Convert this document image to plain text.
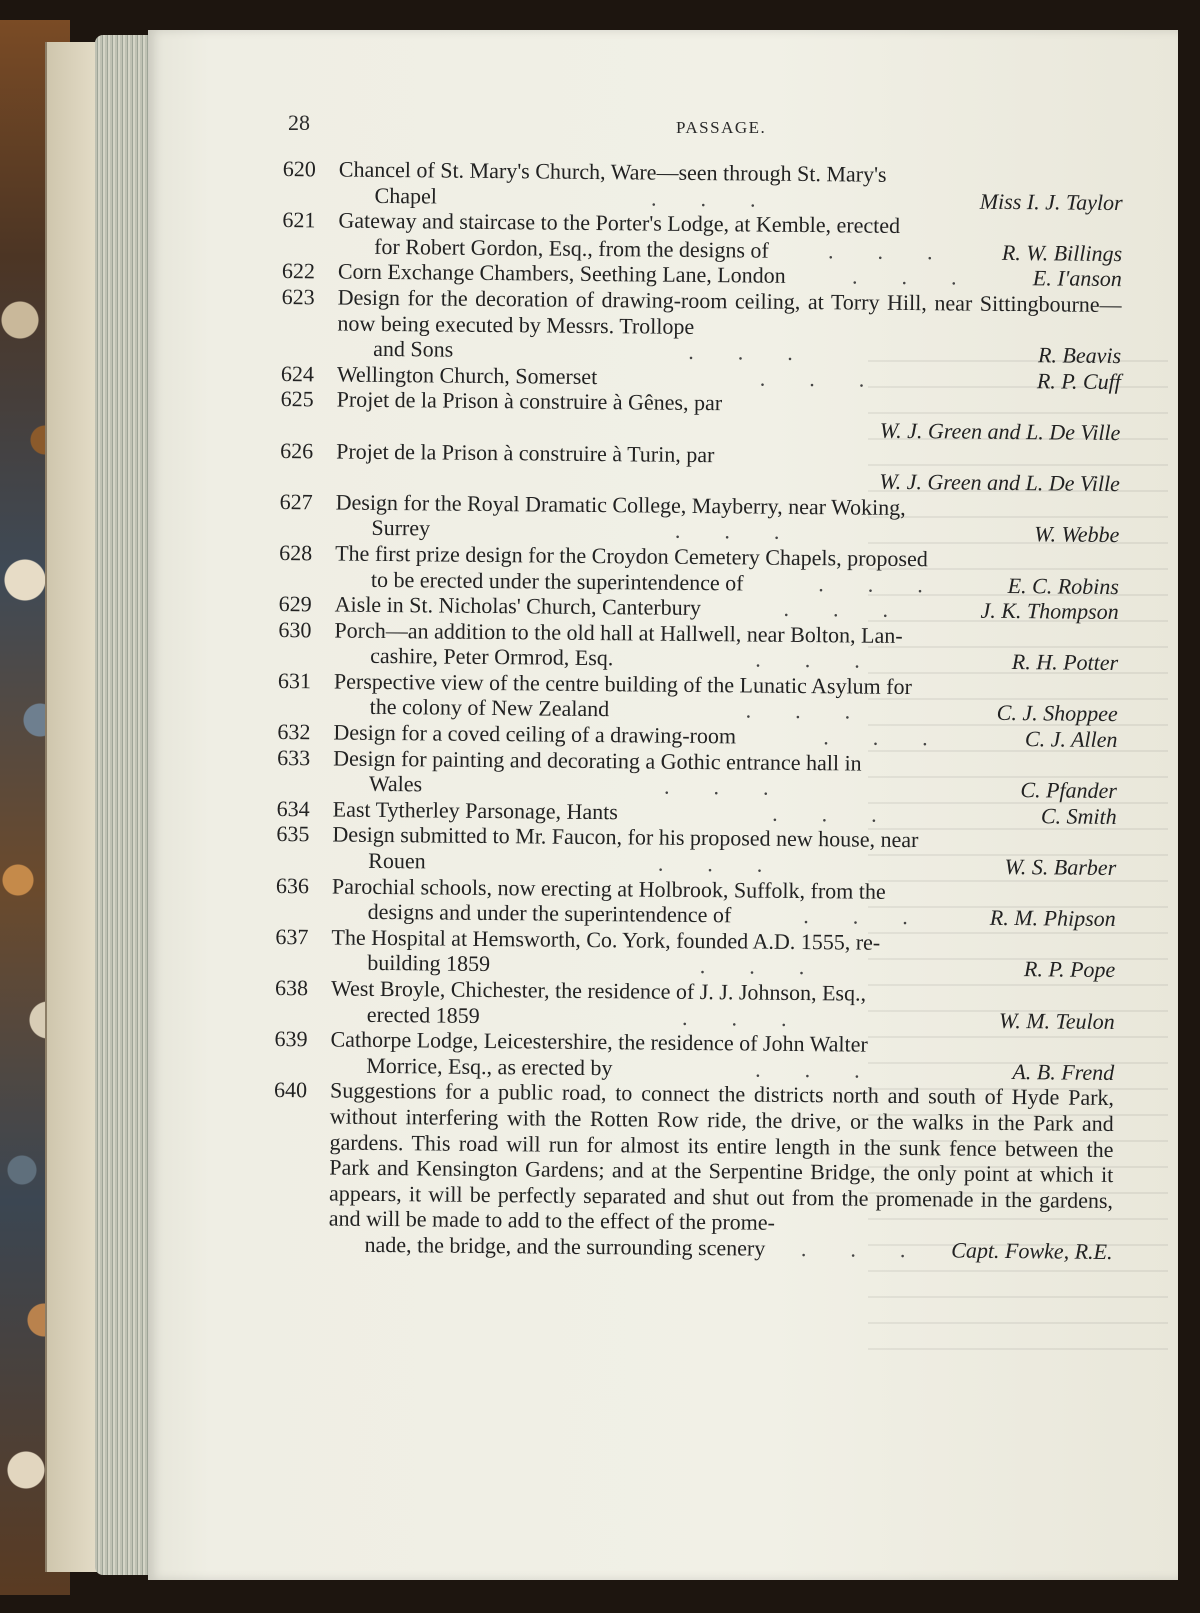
28	PASSAGE.
620	Chancel of St. Mary's Church, Ware—seen through St. Mary's
Chapel	.  .  .	Miss I. J. Taylor
621	Gateway and staircase to the Porter's Lodge, at Kemble, erected
for Robert Gordon, Esq., from the designs of	.  .  .	R. W. Billings
622	Corn Exchange Chambers, Seething Lane, London	.  .  .	E. I'anson
623	Design for the decoration of drawing-room ceiling, at Torry Hill, near Sittingbourne—now being executed by Messrs. Trollope
and Sons	.  .  .	R. Beavis
624	Wellington Church, Somerset	.  .  .	R. P. Cuff
625	Projet de la Prison à construire à Gênes, par
W. J. Green and L. De Ville
626	Projet de la Prison à construire à Turin, par
W. J. Green and L. De Ville
627	Design for the Royal Dramatic College, Mayberry, near Woking,
Surrey	.  .  .	W. Webbe
628	The first prize design for the Croydon Cemetery Chapels, proposed
to be erected under the superintendence of	.  .  .	E. C. Robins
629	Aisle in St. Nicholas' Church, Canterbury	.  .  .	J. K. Thompson
630	Porch—an addition to the old hall at Hallwell, near Bolton, Lan-
cashire, Peter Ormrod, Esq.	.  .  .	R. H. Potter
631	Perspective view of the centre building of the Lunatic Asylum for
the colony of New Zealand	.  .  .	C. J. Shoppee
632	Design for a coved ceiling of a drawing-room	.  .  .	C. J. Allen
633	Design for painting and decorating a Gothic entrance hall in
Wales	.  .  .	C. Pfander
634	East Tytherley Parsonage, Hants	.  .  .	C. Smith
635	Design submitted to Mr. Faucon, for his proposed new house, near
Rouen	.  .  .	W. S. Barber
636	Parochial schools, now erecting at Holbrook, Suffolk, from the
designs and under the superintendence of	.  .  .	R. M. Phipson
637	The Hospital at Hemsworth, Co. York, founded A.D. 1555, re-
building 1859	.  .  .	R. P. Pope
638	West Broyle, Chichester, the residence of J. J. Johnson, Esq.,
erected 1859	.  .  .	W. M. Teulon
639	Cathorpe Lodge, Leicestershire, the residence of John Walter
Morrice, Esq., as erected by	.  .  .	A. B. Frend
640	Suggestions for a public road, to connect the districts north and south of Hyde Park, without interfering with the Rotten Row ride, the drive, or the walks in the Park and gardens. This road will run for almost its entire length in the sunk fence between the Park and Kensington Gardens; and at the Serpentine Bridge, the only point at which it appears, it will be perfectly separated and shut out from the promenade in the gardens, and will be made to add to the effect of the prome-
nade, the bridge, and the surrounding scenery	.  .  .	Capt. Fowke, R.E.
